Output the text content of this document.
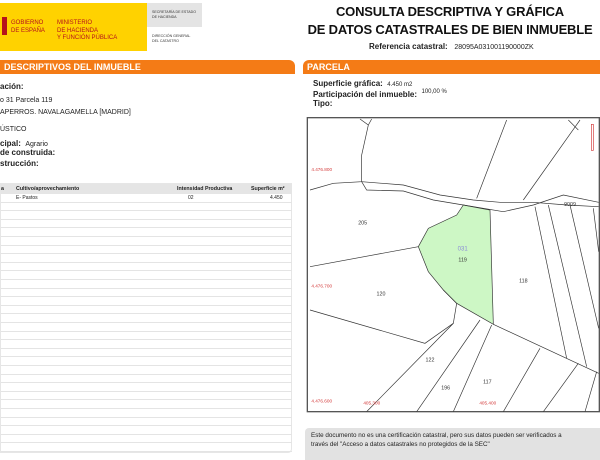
GOBIERNO
DE ESPAÑA
MINISTERIO
DE HACIENDA
Y FUNCIÓN PÚBLICA
SECRETARÍA DE ESTADO
DE HACIENDA
DIRECCIÓN GENERAL
DEL CATASTRO
CONSULTA DESCRIPTIVA Y GRÁFICA
DE DATOS CATASTRALES DE BIEN INMUEBLE
Referencia catastral: 28095A031001190000ZK
DESCRIPTIVOS DEL INMUEBLE
ación:
o 31 Parcela 119
APERROS. NAVALAGAMELLA [MADRID]
ÚSTICO
cipal: Agrario
de construida:
strucción:
a Cultivo/aprovechamiento	Intensidad Productiva	Superficie m²
E- Pastos	02	4.450
PARCELA
Superficie gráfica: 4.450 m2
Participación del inmueble: $^{100,00 \%}$
Tipo:
031
119
205
120
118
122
196
117
9009
4.476.800
4.476.700
4.476.600 405.300	405.400
Este documento no es una certificación catastral, pero sus datos pueden ser verificados a
través del "Acceso a datos catastrales no protegidos de la SEC"
